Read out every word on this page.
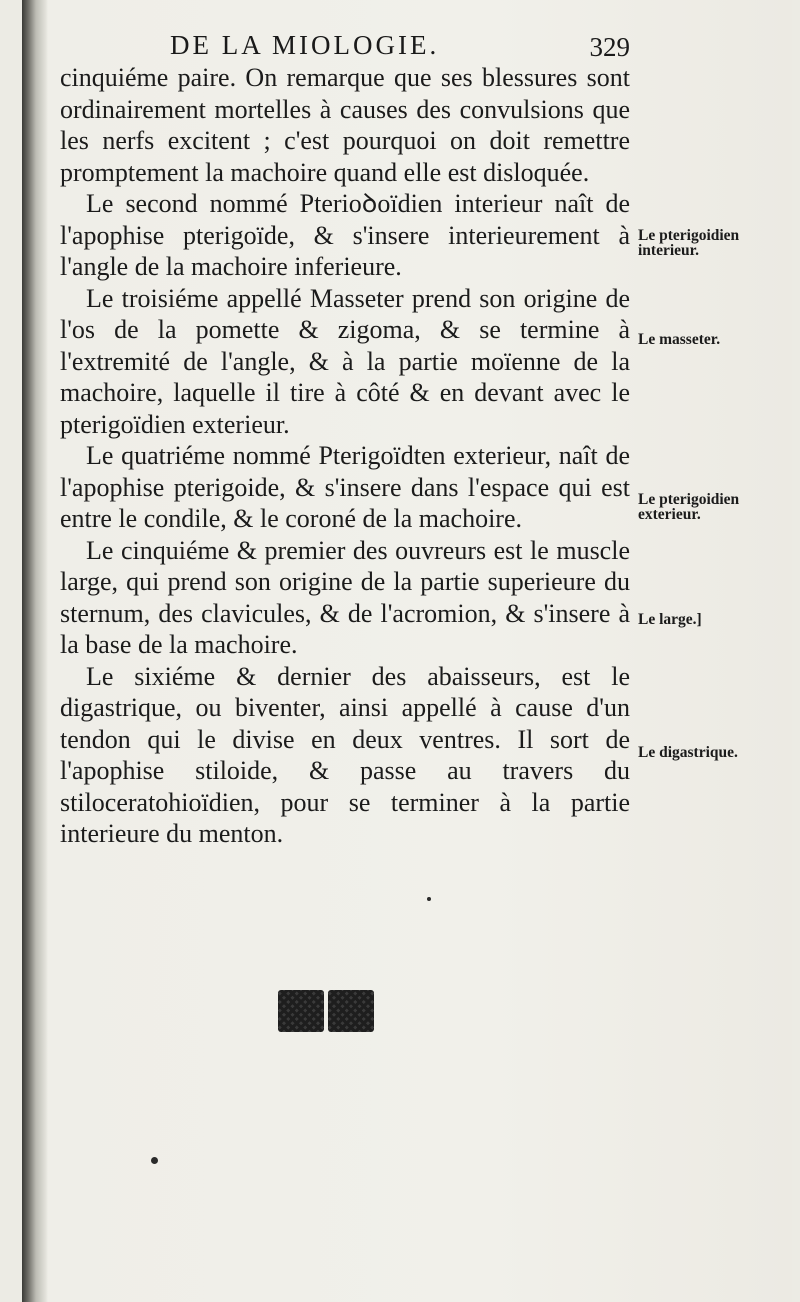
DE LA MIOLOGIE.	329

cinquiéme paire. On remarque que ses blessures sont ordinairement mortelles à causes des convulsions que les nerfs excitent ; c'est pourquoi on doit remettre promptement la machoire quand elle est disloquée.

Le second nommé Pterioꝺoïdien interieur naît de l'apophise pterigoïde, & s'insere interieurement à l'angle de la machoire inferieure.

Le troisiéme appellé Masseter prend son origine de l'os de la pomette & zigoma, & se termine à l'extremité de l'angle, & à la partie moïenne de la machoire, laquelle il tire à côté & en devant avec le pterigoïdien exterieur.

Le quatriéme nommé Pterigoïdten exterieur, naît de l'apophise pterigoide, & s'insere dans l'espace qui est entre le condile, & le coroné de la machoire.

Le cinquiéme & premier des ouvreurs est le muscle large, qui prend son origine de la partie superieure du sternum, des clavicules, & de l'acromion, & s'insere à la base de la machoire.

Le sixiéme & dernier des abaisseurs, est le digastrique, ou biventer, ainsi appellé à cause d'un tendon qui le divise en deux ventres. Il sort de l'apophise stiloide, & passe au travers du stiloceratohioïdien, pour se terminer à la partie interieure du menton.

Le pterigoidien interieur.
Le masseter.
Le pterigoidien exterieur.
Le large.]
Le digastrique.
